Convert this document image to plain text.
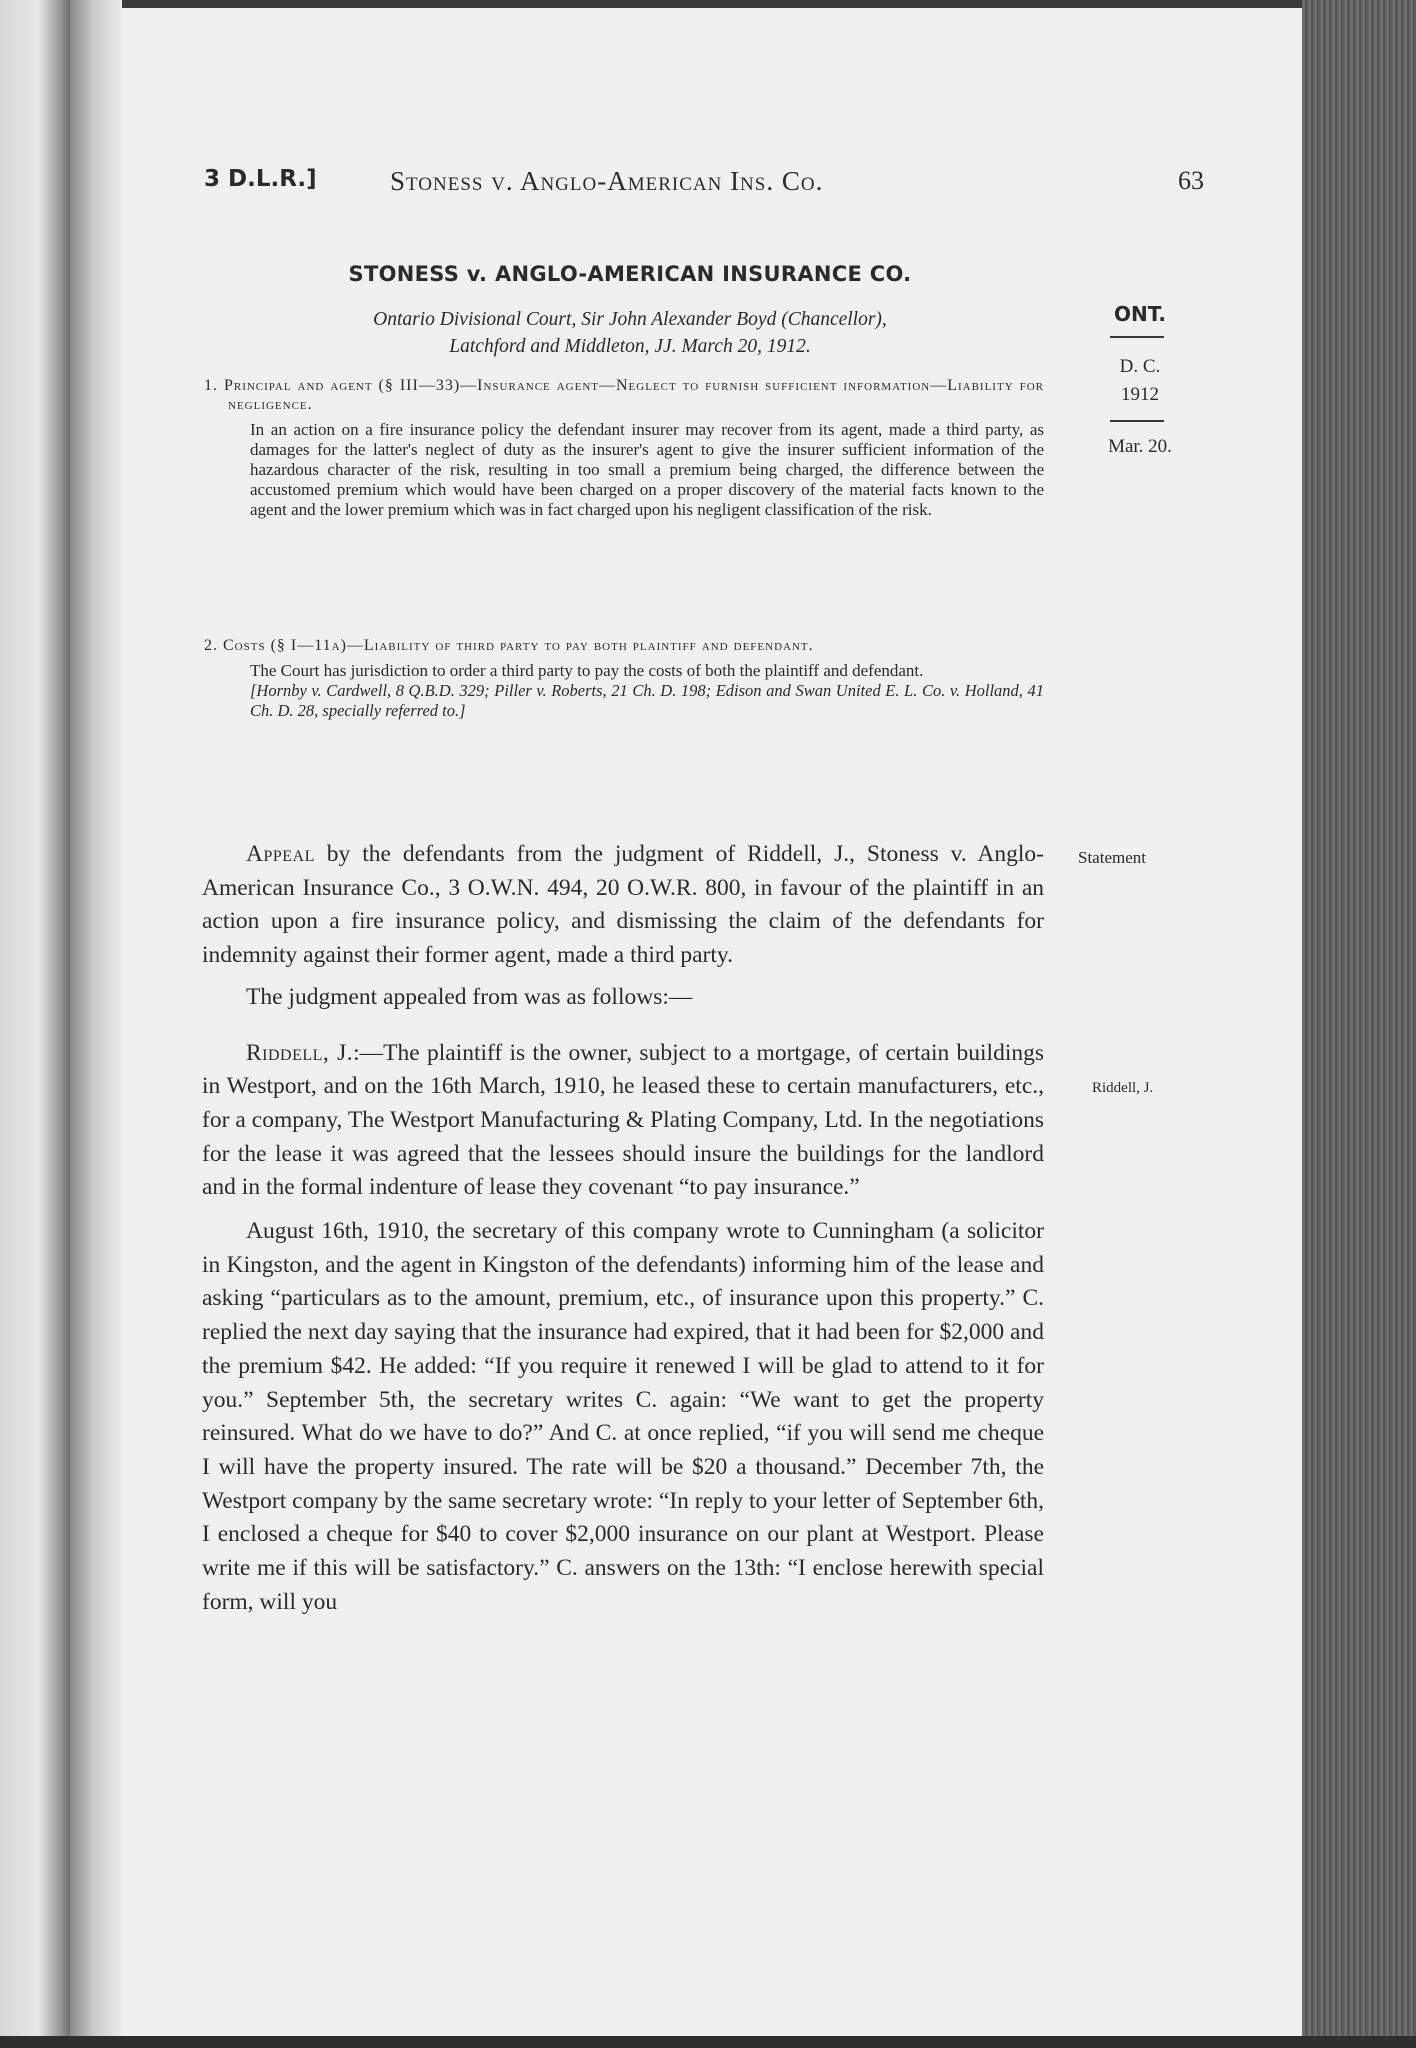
3 D.L.R.]	Stoness v. Anglo-American Ins. Co.	63
STONESS v. ANGLO-AMERICAN INSURANCE CO.
Ontario Divisional Court, Sir John Alexander Boyd (Chancellor),
Latchford and Middleton, JJ. March 20, 1912.
ONT.
D. C.
1912
Mar. 20.
1. Principal and agent (§ III—33)—Insurance agent—Neglect to furnish sufficient information—Liability for negligence.
In an action on a fire insurance policy the defendant insurer may recover from its agent, made a third party, as damages for the latter's neglect of duty as the insurer's agent to give the insurer sufficient information of the hazardous character of the risk, resulting in too small a premium being charged, the difference between the accustomed premium which would have been charged on a proper discovery of the material facts known to the agent and the lower premium which was in fact charged upon his negligent classification of the risk.
2. Costs (§ I—11a)—Liability of third party to pay both plaintiff and defendant.
The Court has jurisdiction to order a third party to pay the costs of both the plaintiff and defendant.
[Hornby v. Cardwell, 8 Q.B.D. 329; Piller v. Roberts, 21 Ch. D. 198; Edison and Swan United E. L. Co. v. Holland, 41 Ch. D. 28, specially referred to.]
Statement
Riddell, J.

Appeal by the defendants from the judgment of Riddell, J., Stoness v. Anglo-American Insurance Co., 3 O.W.N. 494, 20 O.W.R. 800, in favour of the plaintiff in an action upon a fire insurance policy, and dismissing the claim of the defendants for indemnity against their former agent, made a third party.

The judgment appealed from was as follows:—

Riddell, J.:—The plaintiff is the owner, subject to a mortgage, of certain buildings in Westport, and on the 16th March, 1910, he leased these to certain manufacturers, etc., for a company, The Westport Manufacturing & Plating Company, Ltd. In the negotiations for the lease it was agreed that the lessees should insure the buildings for the landlord and in the formal indenture of lease they covenant “to pay insurance.”

August 16th, 1910, the secretary of this company wrote to Cunningham (a solicitor in Kingston, and the agent in Kingston of the defendants) informing him of the lease and asking “particulars as to the amount, premium, etc., of insurance upon this property.” C. replied the next day saying that the insurance had expired, that it had been for $2,000 and the premium $42. He added: “If you require it renewed I will be glad to attend to it for you.” September 5th, the secretary writes C. again: “We want to get the property reinsured. What do we have to do?” And C. at once replied, “if you will send me cheque I will have the property insured. The rate will be $20 a thousand.” December 7th, the Westport company by the same secretary wrote: “In reply to your letter of September 6th, I enclosed a cheque for $40 to cover $2,000 insurance on our plant at Westport. Please write me if this will be satisfactory.” C. answers on the 13th: “I enclose herewith special form, will you
